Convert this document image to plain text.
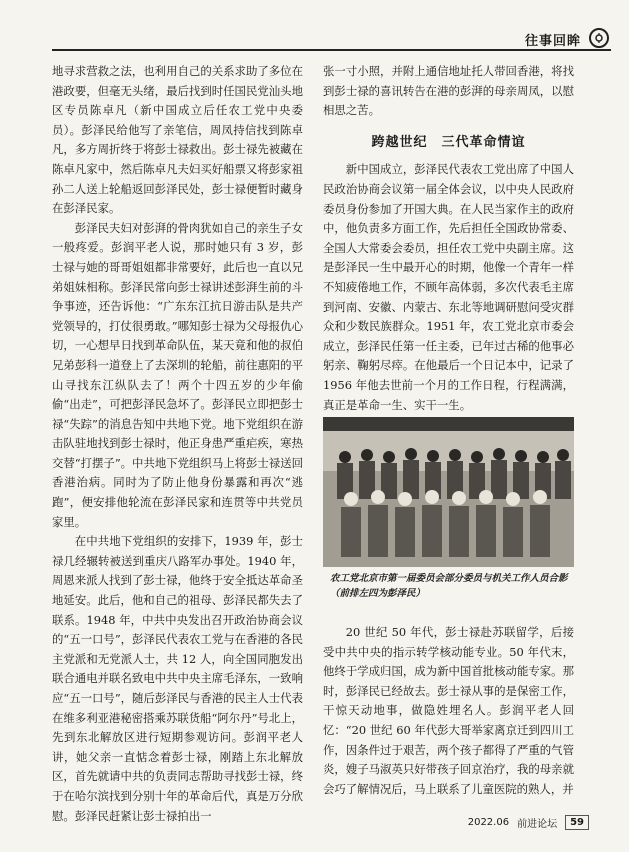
往事回眸

地寻求营救之法，也利用自己的关系求助了多位在港政要，但毫无头绪，最后找到时任国民党汕头地区专员陈卓凡（新中国成立后任农工党中央委员）。彭泽民给他写了亲笔信，周凤持信找到陈卓凡，多方周折终于将彭士禄救出。彭士禄先被藏在陈卓凡家中，然后陈卓凡夫妇买好船票又将彭家祖孙二人送上轮船返回彭泽民处，彭士禄便暂时藏身在彭泽民家。

彭泽民夫妇对彭湃的骨肉犹如自己的亲生子女一般疼爱。彭润平老人说，那时她只有 3 岁，彭士禄与她的哥哥姐姐都非常要好，此后也一直以兄弟姐妹相称。彭泽民常向彭士禄讲述彭湃生前的斗争事迹，还告诉他：“广东东江抗日游击队是共产党领导的，打仗很勇敢。”哪知彭士禄为父母报仇心切，一心想早日找到革命队伍，某天竟和他的叔伯兄弟彭科一道登上了去深圳的轮船，前往惠阳的平山寻找东江纵队去了！两个十四五岁的少年偷偷“出走”，可把彭泽民急坏了。彭泽民立即把彭士禄“失踪”的消息告知中共地下党。地下党组织在游击队驻地找到彭士禄时，他正身患严重疟疾，寒热交替“打摆子”。中共地下党组织马上将彭士禄送回香港治病。同时为了防止他身份暴露和再次“逃跑”，便安排他轮流在彭泽民家和连贯等中共党员家里。

在中共地下党组织的安排下，1939 年，彭士禄几经辗转被送到重庆八路军办事处。1940 年，周恩来派人找到了彭士禄，他终于安全抵达革命圣地延安。此后，他和自己的祖母、彭泽民都失去了联系。1948 年，中共中央发出召开政治协商会议的“五一口号”，彭泽民代表农工党与在香港的各民主党派和无党派人士，共 12 人，向全国同胞发出联合通电并联名致电中共中央主席毛泽东，一致响应“五一口号”，随后彭泽民与香港的民主人士代表在维多利亚港秘密搭乘苏联货船“阿尔丹”号北上，先到东北解放区进行短期参观访问。彭润平老人讲，她父亲一直惦念着彭士禄，刚踏上东北解放区，首先就请中共的负责同志帮助寻找彭士禄，终于在哈尔滨找到分别十年的革命后代，真是万分欣慰。彭泽民赶紧让彭士禄拍出一

张一寸小照，并附上通信地址托人带回香港，将找到彭士禄的喜讯转告在港的彭湃的母亲周凤，以慰相思之苦。

跨越世纪　三代革命情谊

新中国成立，彭泽民代表农工党出席了中国人民政治协商会议第一届全体会议，以中央人民政府委员身份参加了开国大典。在人民当家作主的政府中，他负责多方面工作，先后担任全国政协常委、全国人大常委会委员，担任农工党中央副主席。这是彭泽民一生中最开心的时期，他像一个青年一样不知疲倦地工作，不顾年高体弱，多次代表毛主席到河南、安徽、内蒙古、东北等地调研慰问受灾群众和少数民族群众。1951 年，农工党北京市委会成立，彭泽民任第一任主委，已年过古稀的他事必躬亲、鞠躬尽瘁。在他最后一个日记本中，记录了 1956 年他去世前一个月的工作日程，行程满满，真正是革命一生、实干一生。

农工党北京市第一届委员会部分委员与机关工作人员合影（前排左四为彭泽民）

20 世纪 50 年代，彭士禄赴苏联留学，后接受中共中央的指示转学核动能专业。50 年代末，他终于学成归国，成为新中国首批核动能专家。那时，彭泽民已经故去。彭士禄从事的是保密工作，干惊天动地事，做隐姓埋名人。彭润平老人回忆：“20 世纪 60 年代彭大哥举家离京迁到四川工作，因条件过于艰苦，两个孩子都得了严重的气管炎，嫂子马淑英只好带孩子回京治疗，我的母亲就会巧了解情况后，马上联系了儿童医院的熟人，并

2022.06 前进论坛	59
